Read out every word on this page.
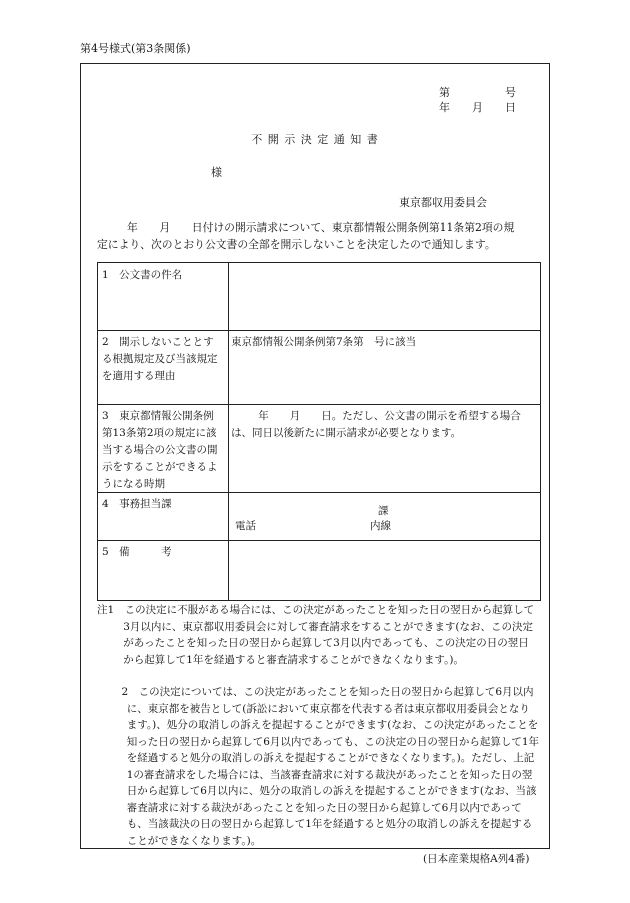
第4号様式(第3条関係)
第　　　　　号
年　　月　　日
不 開 示 決 定 通 知 書
様
東京都収用委員会
年　　月　　日付けの開示請求について、東京都情報公開条例第11条第2項の規
定により、次のとおり公文書の全部を開示しないことを決定したので通知します。
1　公文書の件名
2　開示しないこととする根拠規定及び当該規定を適用する理由
東京都情報公開条例第7条第　号に該当
3　東京都情報公開条例第13条第2項の規定に該当する場合の公文書の開示をすることができるようになる時期
年　　月　　日。ただし、公文書の開示を希望する場合は、同日以後新たに開示請求が必要となります。
4　事務担当課
課
電話	内線
5　備　　　考
注1　この決定に不服がある場合には、この決定があったことを知った日の翌日から起算して3月以内に、東京都収用委員会に対して審査請求をすることができます(なお、この決定があったことを知った日の翌日から起算して3月以内であっても、この決定の日の翌日から起算して1年を経過すると審査請求することができなくなります。)。
2　この決定については、この決定があったことを知った日の翌日から起算して6月以内に、東京都を被告として(訴訟において東京都を代表する者は東京都収用委員会となります。)、処分の取消しの訴えを提起することができます(なお、この決定があったことを知った日の翌日から起算して6月以内であっても、この決定の日の翌日から起算して1年を経過すると処分の取消しの訴えを提起することができなくなります。)。ただし、上記1の審査請求をした場合には、当該審査請求に対する裁決があったことを知った日の翌日から起算して6月以内に、処分の取消しの訴えを提起することができます(なお、当該審査請求に対する裁決があったことを知った日の翌日から起算して6月以内であっても、当該裁決の日の翌日から起算して1年を経過すると処分の取消しの訴えを提起することができなくなります。)。
(日本産業規格A列4番)
